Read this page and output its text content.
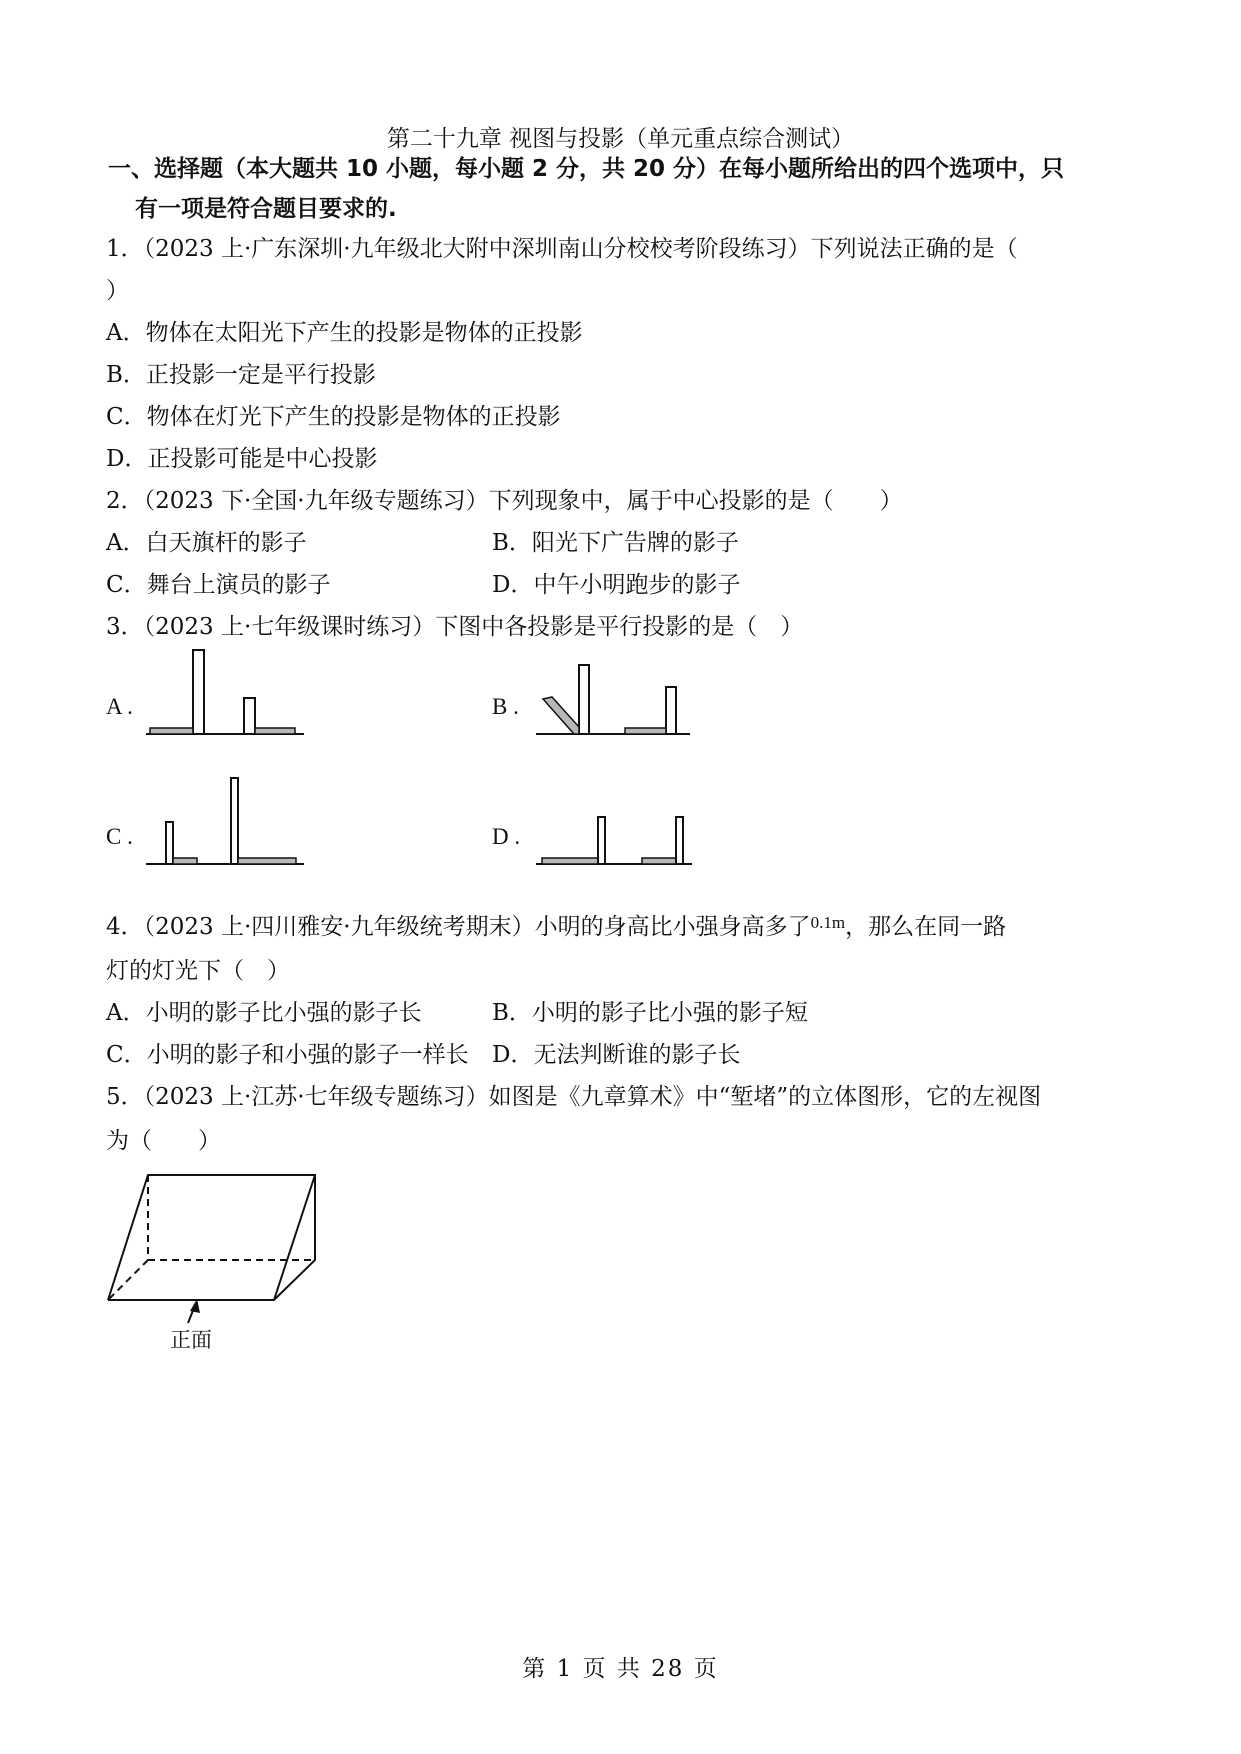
第二十九章 视图与投影（单元重点综合测试）
一、选择题（本大题共 10 小题，每小题 2 分，共 20 分）在每小题所给出的四个选项中，只
有一项是符合题目要求的.
1．（2023 上·广东深圳·九年级北大附中深圳南山分校校考阶段练习）下列说法正确的是（
）
A．物体在太阳光下产生的投影是物体的正投影
B．正投影一定是平行投影
C．物体在灯光下产生的投影是物体的正投影
D．正投影可能是中心投影
2．（2023 下·全国·九年级专题练习）下列现象中，属于中心投影的是（　　）
A．白天旗杆的影子	B．阳光下广告牌的影子
C．舞台上演员的影子	D．中午小明跑步的影子
3．（2023 上·七年级课时练习）下图中各投影是平行投影的是（　）
A .	B .
C .	D .
4．（2023 上·四川雅安·九年级统考期末）小明的身高比小强身高多了$^{0.1m}$，那么在同一路
灯的灯光下（　）
A．小明的影子比小强的影子长	B．小明的影子比小强的影子短
C．小明的影子和小强的影子一样长 D．无法判断谁的影子长
5．（2023 上·江苏·七年级专题练习）如图是《九章算术》中“堑堵”的立体图形，它的左视图
为（　　）
正面
第 1 页 共 28 页
